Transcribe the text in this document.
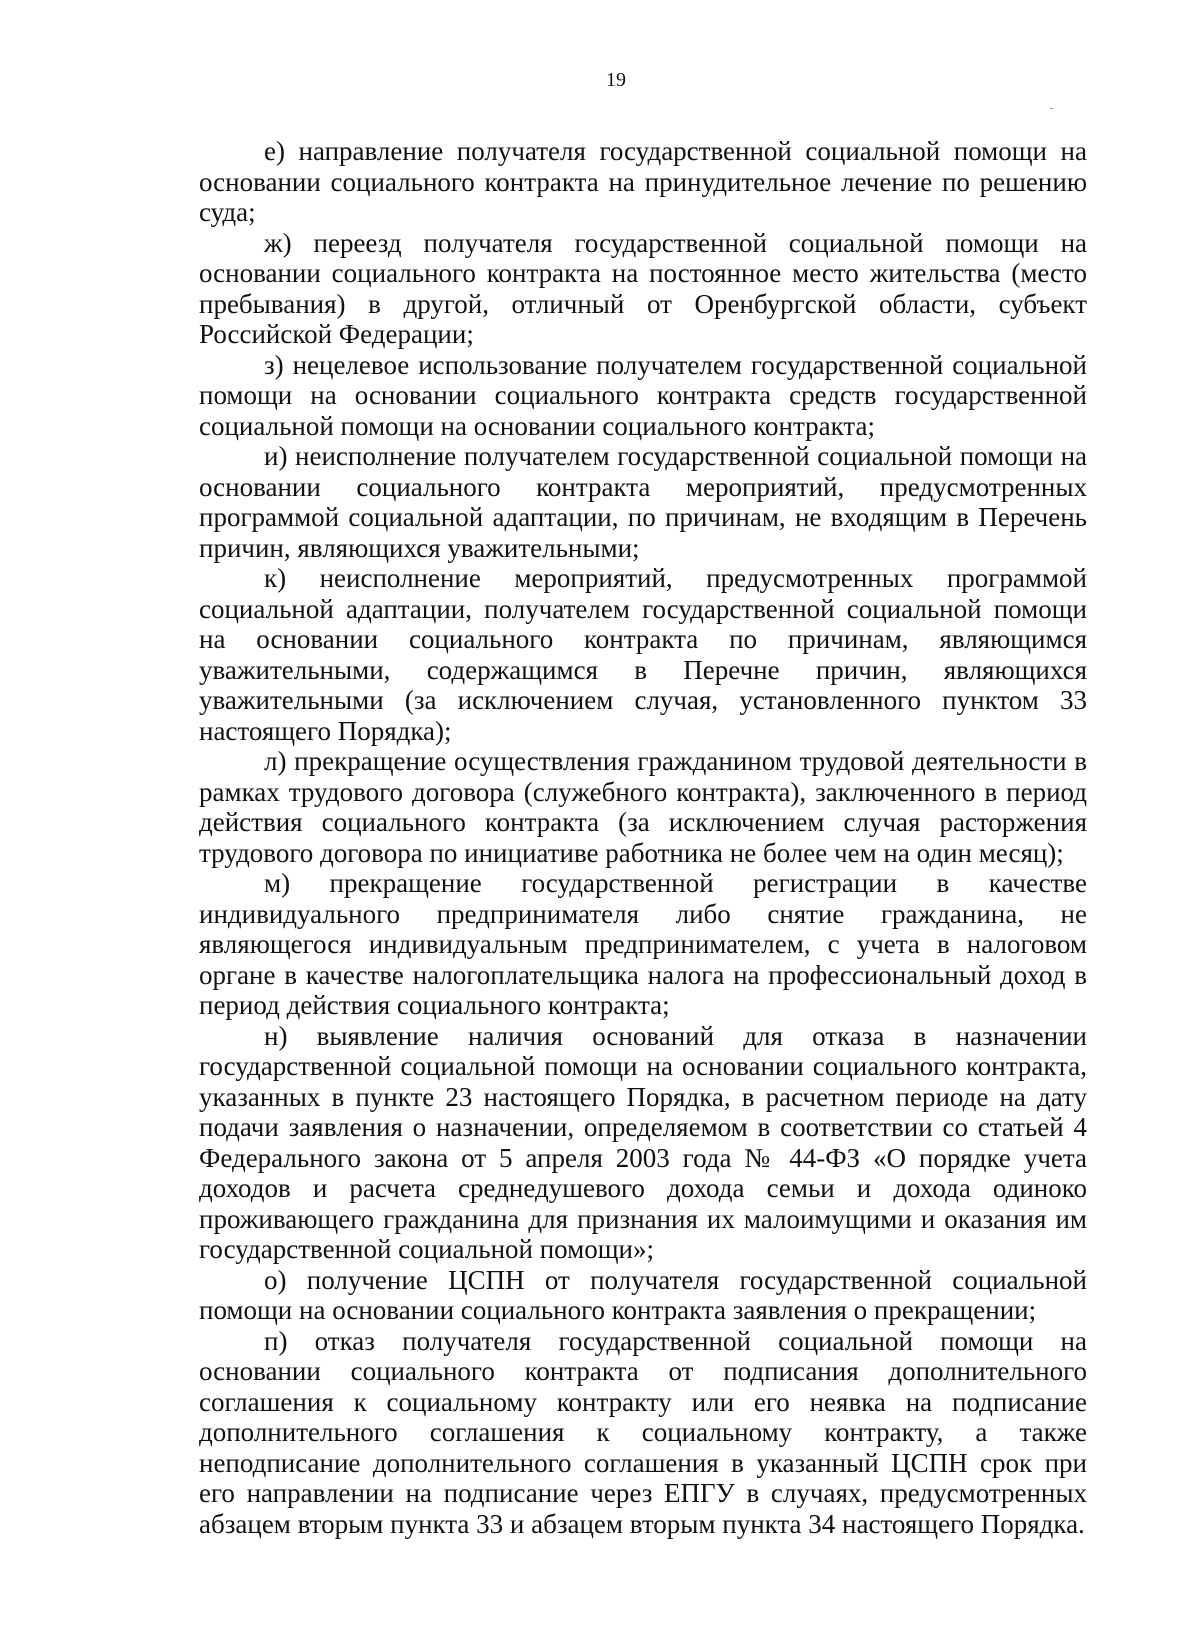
19

е) направление получателя государственной социальной помощи на основании социального контракта на принудительное лечение по решению суда;

ж) переезд получателя государственной социальной помощи на основании социального контракта на постоянное место жительства (место пребывания) в другой, отличный от Оренбургской области, субъект Российской Федерации;

з) нецелевое использование получателем государственной социальной помощи на основании социального контракта средств государственной социальной помощи на основании социального контракта;

и) неисполнение получателем государственной социальной помощи на основании социального контракта мероприятий, предусмотренных программой социальной адаптации, по причинам, не входящим в Перечень причин, являющихся уважительными;

к) неисполнение мероприятий, предусмотренных программой социальной адаптации, получателем государственной социальной помощи на основании социального контракта по причинам, являющимся уважительными, содержащимся в Перечне причин, являющихся уважительными (за исключением случая, установленного пунктом 33 настоящего Порядка);

л) прекращение осуществления гражданином трудовой деятельности в рамках трудового договора (служебного контракта), заключенного в период действия социального контракта (за исключением случая расторжения трудового договора по инициативе работника не более чем на один месяц);

м) прекращение государственной регистрации в качестве индивидуального предпринимателя либо снятие гражданина, не являющегося индивидуальным предпринимателем, с учета в налоговом органе в качестве налогоплательщика налога на профессиональный доход в период действия социального контракта;

н) выявление наличия оснований для отказа в назначении государственной социальной помощи на основании социального контракта, указанных в пункте 23 настоящего Порядка, в расчетном периоде на дату подачи заявления о назначении, определяемом в соответствии со статьей 4 Федерального закона от 5 апреля 2003 года № 44-ФЗ «О порядке учета доходов и расчета среднедушевого дохода семьи и дохода одиноко проживающего гражданина для признания их малоимущими и оказания им государственной социальной помощи»;

о) получение ЦСПН от получателя государственной социальной помощи на основании социального контракта заявления о прекращении;

п) отказ получателя государственной социальной помощи на основании социального контракта от подписания дополнительного соглашения к социальному контракту или его неявка на подписание дополнительного соглашения к социальному контракту, а также неподписание дополнительного соглашения в указанный ЦСПН срок при его направлении на подписание через ЕПГУ в случаях, предусмотренных абзацем вторым пункта 33 и абзацем вторым пункта 34 настоящего Порядка.
